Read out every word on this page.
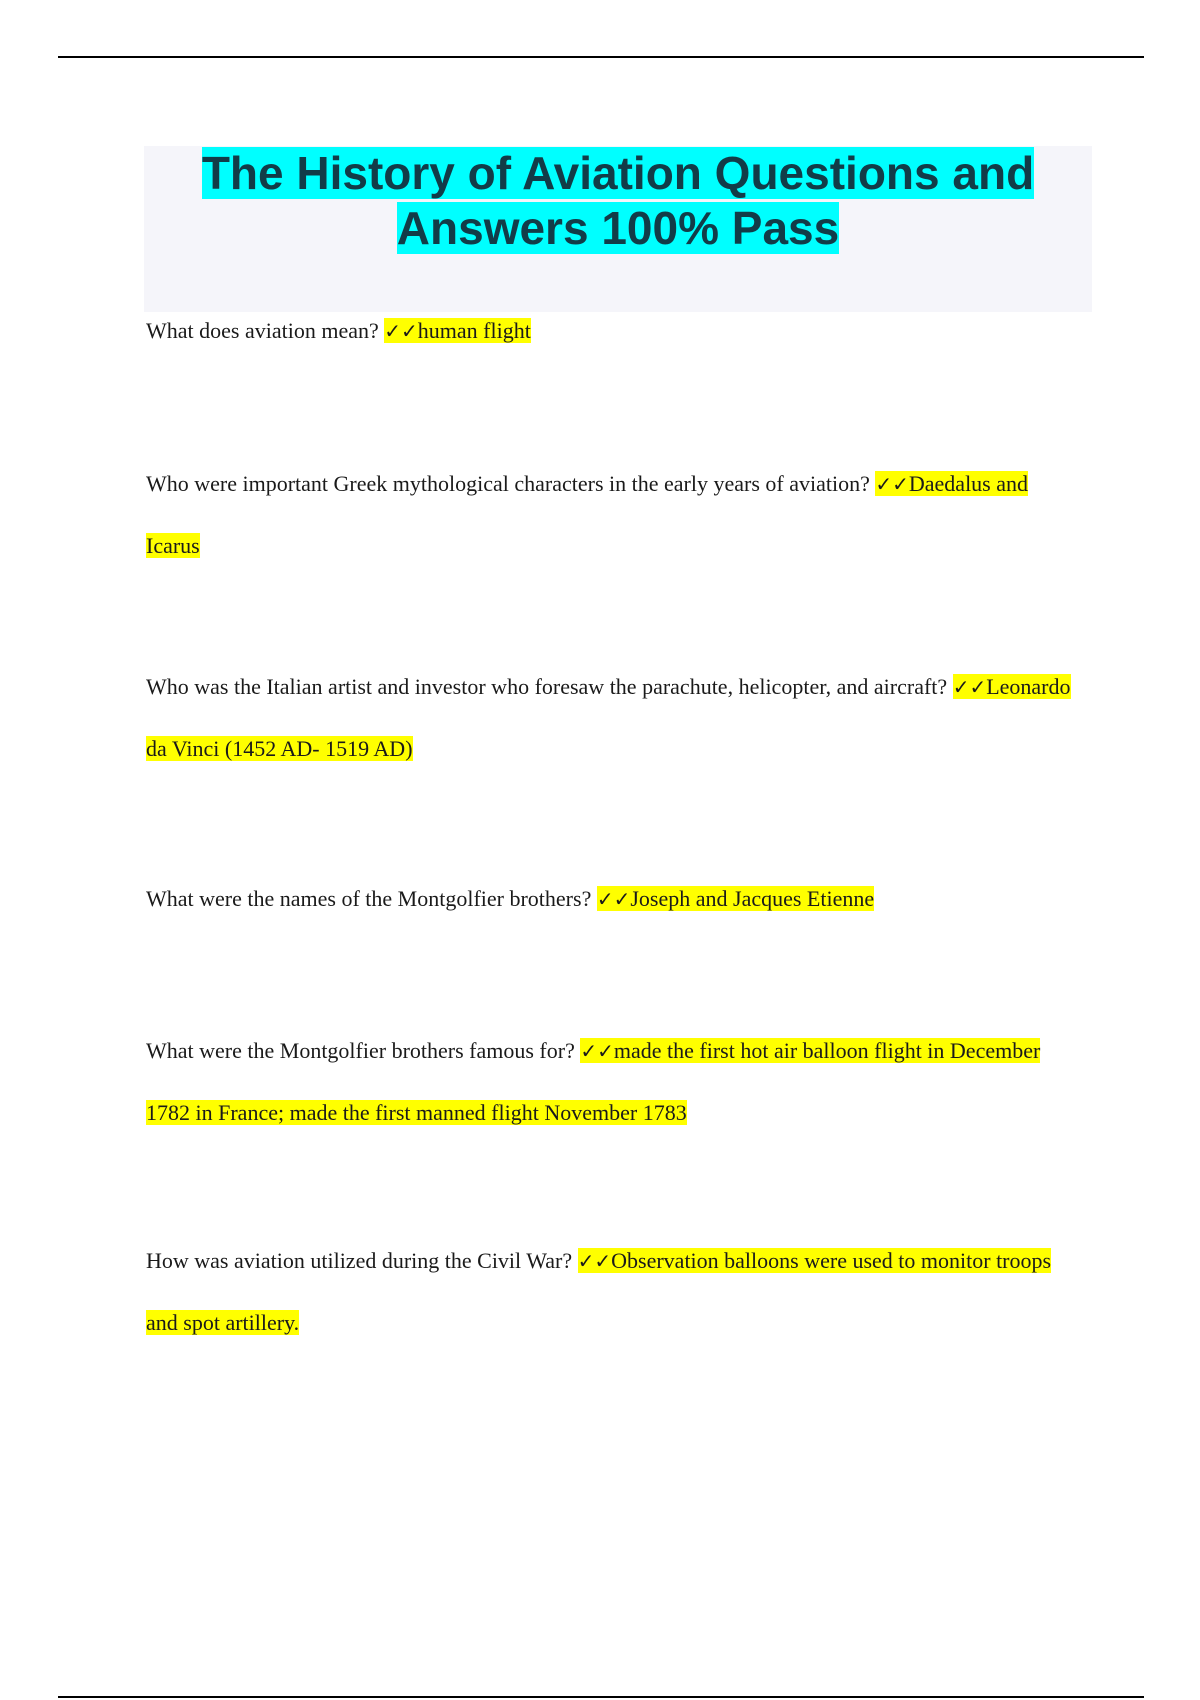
The History of Aviation Questions and Answers 100% Pass

What does aviation mean? ✓✓human flight

Who were important Greek mythological characters in the early years of aviation? ✓✓Daedalus and Icarus

Who was the Italian artist and investor who foresaw the parachute, helicopter, and aircraft? ✓✓Leonardo da Vinci (1452 AD- 1519 AD)

What were the names of the Montgolfier brothers? ✓✓Joseph and Jacques Etienne

What were the Montgolfier brothers famous for? ✓✓made the first hot air balloon flight in December 1782 in France; made the first manned flight November 1783

How was aviation utilized during the Civil War? ✓✓Observation balloons were used to monitor troops and spot artillery.
